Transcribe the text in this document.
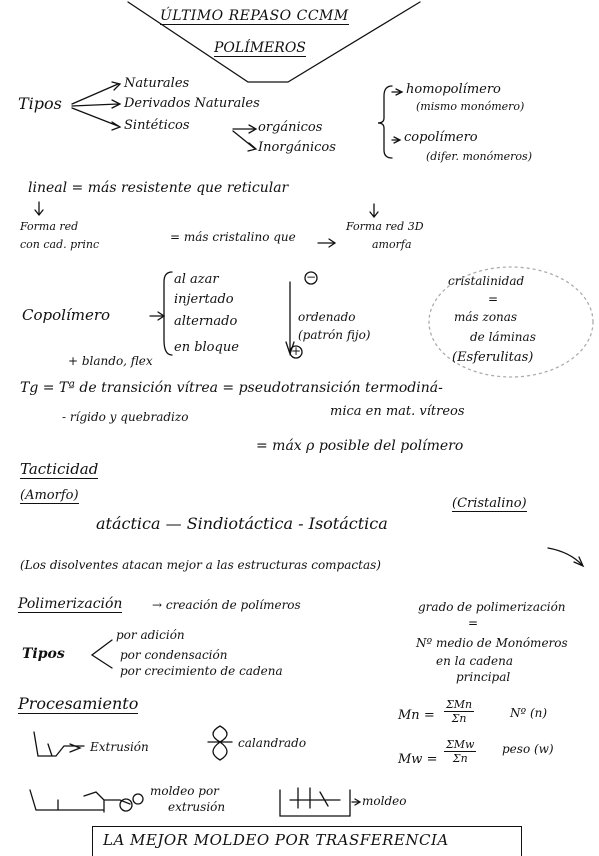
ÚLTIMO REPASO CCMM
POLÍMEROS
Tipos
Naturales
Derivados Naturales
Sintéticos	orgánicos
Inorgánicos
homopolímero
(mismo monómero)
copolímero
(difer. monómeros)
lineal = más resistente que reticular
Forma red
con cad. princ
= más cristalino que
Forma red 3D
amorfa
Copolímero
al azar
injertado
alternado
en bloque
−
+
ordenado
(patrón fijo)
+ blando, flex
cristalinidad
=
más zonas
de láminas
(Esferulitas)
Tg = Tª de transición vítrea = pseudotransición termodiná-
mica en mat. vítreos
- rígido y quebradizo
= máx ρ posible del polímero
Tacticidad
(Amorfo)
(Cristalino)
atáctica — Sindiotáctica - Isotáctica
(Los disolventes atacan mejor a las estructuras compactas)
Polimerización → creación de polímeros
Tipos
por adición
por condensación
por crecimiento de cadena
grado de polimerización
=
Nº medio de Monómeros
en la cadena
principal
Procesamiento
Extrusión	calandrado
moldeo por
extrusión	moldeo
Mn =
ΣMn
Σn	Nº (n)
Mw =
ΣMw
Σn
peso (w)
LA MEJOR MOLDEO POR TRASFERENCIA
